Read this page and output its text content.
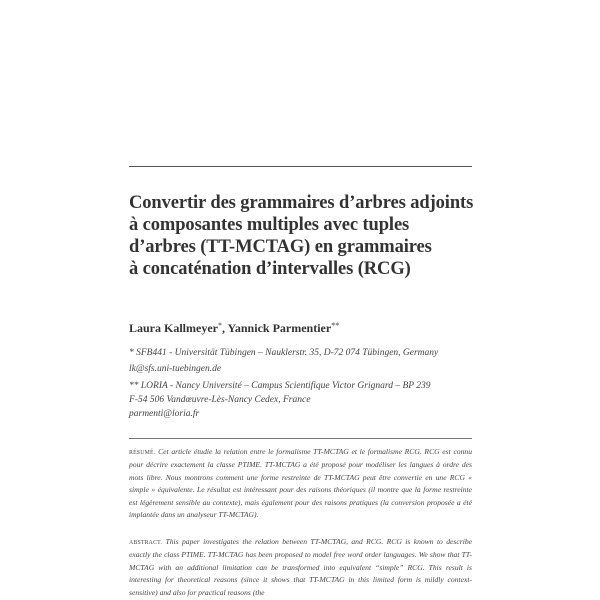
Convertir des grammaires d’arbres adjoints
à composantes multiples avec tuples
d’arbres (TT-MCTAG) en grammaires
à concaténation d’intervalles (RCG)
Laura Kallmeyer*, Yannick Parmentier**
* SFB441 - Universität Tübingen – Nauklerstr. 35, D-72 074 Tübingen, Germany
lk@sfs.uni-tuebingen.de
** LORIA - Nancy Université – Campus Scientifique Victor Grignard – BP 239
F-54 506 Vandœuvre-Lès-Nancy Cedex, France
parmenti@loria.fr
RÉSUMÉ. Cet article étudie la relation entre le formalisme TT-MCTAG et le formalisme RCG. RCG est connu pour décrire exactement la classe PTIME. TT-MCTAG a été proposé pour modéliser les langues à ordre des mots libre. Nous montrons comment une forme restreinte de TT-MCTAG peut être convertie en une RCG « simple » équivalente. Le résultat est intéressant pour des raisons théoriques (il montre que la forme restreinte est légèrement sensible au contexte), mais également pour des raisons pratiques (la conversion proposée a été implantée dans un analyseur TT-MCTAG).
ABSTRACT. This paper investigates the relation between TT-MCTAG, and RCG. RCG is known to describe exactly the class PTIME. TT-MCTAG has been proposed to model free word order languages. We show that TT-MCTAG with an additional limitation can be transformed into equivalent “simple” RCG. This result is interesting for theoretical reasons (since it shows that TT-MCTAG in this limited form is mildly context-sensitive) and also for practical reasons (the
